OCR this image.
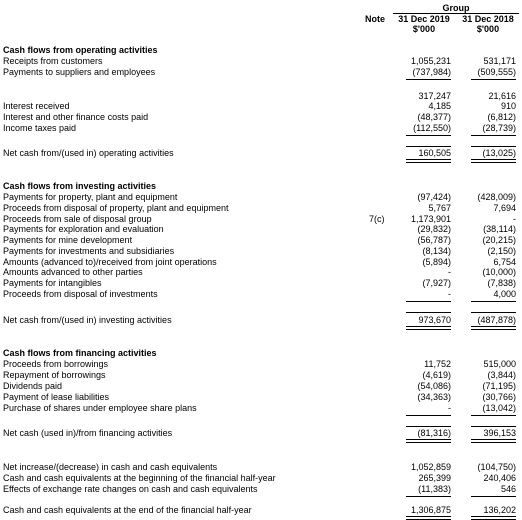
Group
Note	31 Dec 2019	31 Dec 2018
$'000	$'000
Cash flows from operating activities
Receipts from customers	1,055,231	531,171
Payments to suppliers and employees	(737,984)	(509,555)
317,247	21,616
Interest received	4,185	910
Interest and other finance costs paid	(48,377)	(6,812)
Income taxes paid	(112,550)	(28,739)
Net cash from/(used in) operating activities	160,505	(13,025)
Cash flows from investing activities
Payments for property, plant and equipment	(97,424)	(428,009)
Proceeds from disposal of property, plant and equipment	5,767	7,694
Proceeds from sale of disposal group	7(c)	1,173,901	-
Payments for exploration and evaluation	(29,832)	(38,114)
Payments for mine development	(56,787)	(20,215)
Payments for investments and subsidiaries	(8,134)	(2,150)
Amounts (advanced to)/received from joint operations	(5,894)	6,754
Amounts advanced to other parties	-	(10,000)
Payments for intangibles	(7,927)	(7,838)
Proceeds from disposal of investments	-	4,000
Net cash from/(used in) investing activities	973,670	(487,878)
Cash flows from financing activities
Proceeds from borrowings	11,752	515,000
Repayment of borrowings	(4,619)	(3,844)
Dividends paid	(54,086)	(71,195)
Payment of lease liabilities	(34,363)	(30,766)
Purchase of shares under employee share plans	-	(13,042)
Net cash (used in)/from financing activities	(81,316)	396,153
Net increase/(decrease) in cash and cash equivalents	1,052,859	(104,750)
Cash and cash equivalents at the beginning of the financial half-year	265,399	240,406
Effects of exchange rate changes on cash and cash equivalents	(11,383)	546
Cash and cash equivalents at the end of the financial half-year	1,306,875	136,202
